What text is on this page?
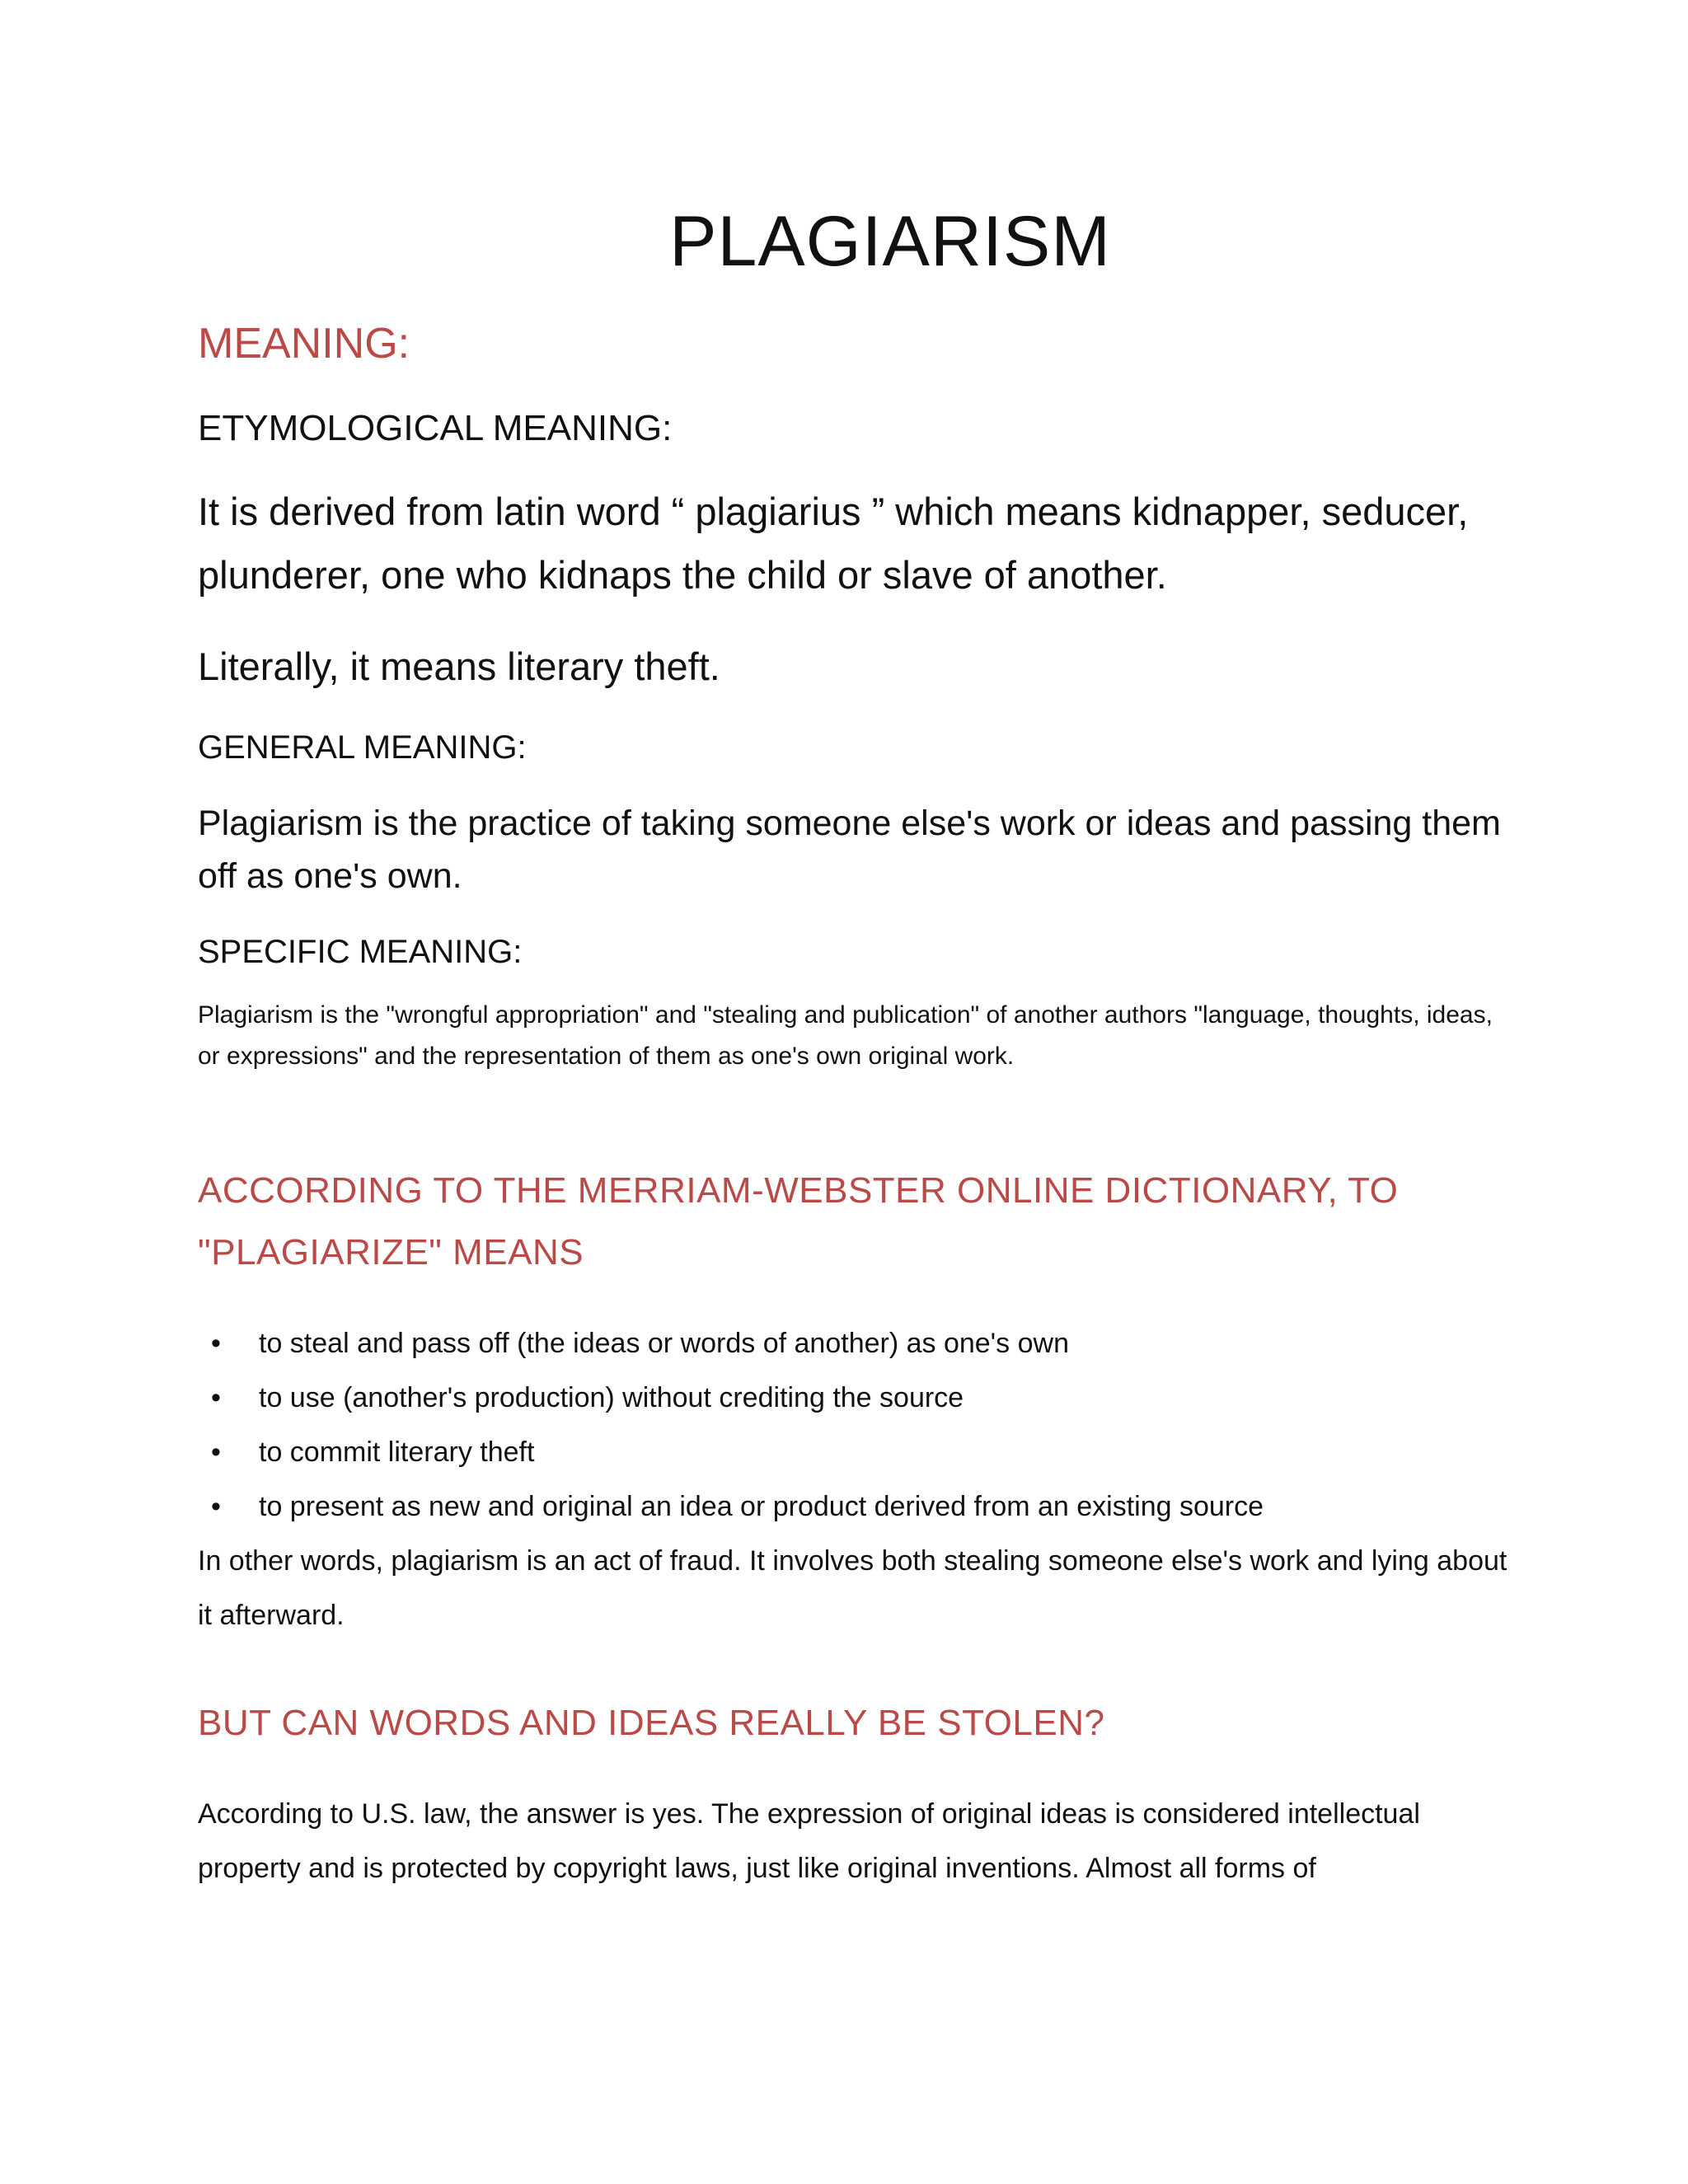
PLAGIARISM
MEANING:
ETYMOLOGICAL MEANING:

It is derived from latin word “ plagiarius ” which means kidnapper, seducer, plunderer, one who kidnaps the child or slave of another.

Literally, it means literary theft.

GENERAL MEANING:

Plagiarism is the practice of taking someone else's work or ideas and passing them off as one's own.

SPECIFIC MEANING:

Plagiarism is the "wrongful appropriation" and "stealing and publication" of another authors "language, thoughts, ideas, or expressions" and the representation of them as one's own original work.

ACCORDING TO THE MERRIAM-WEBSTER ONLINE DICTIONARY, TO "PLAGIARIZE" MEANS
• to steal and pass off (the ideas or words of another) as one's own
• to use (another's production) without crediting the source
• to commit literary theft
• to present as new and original an idea or product derived from an existing source

In other words, plagiarism is an act of fraud. It involves both stealing someone else's work and lying about it afterward.

BUT CAN WORDS AND IDEAS REALLY BE STOLEN?

According to U.S. law, the answer is yes. The expression of original ideas is considered intellectual property and is protected by copyright laws, just like original inventions. Almost all forms of
